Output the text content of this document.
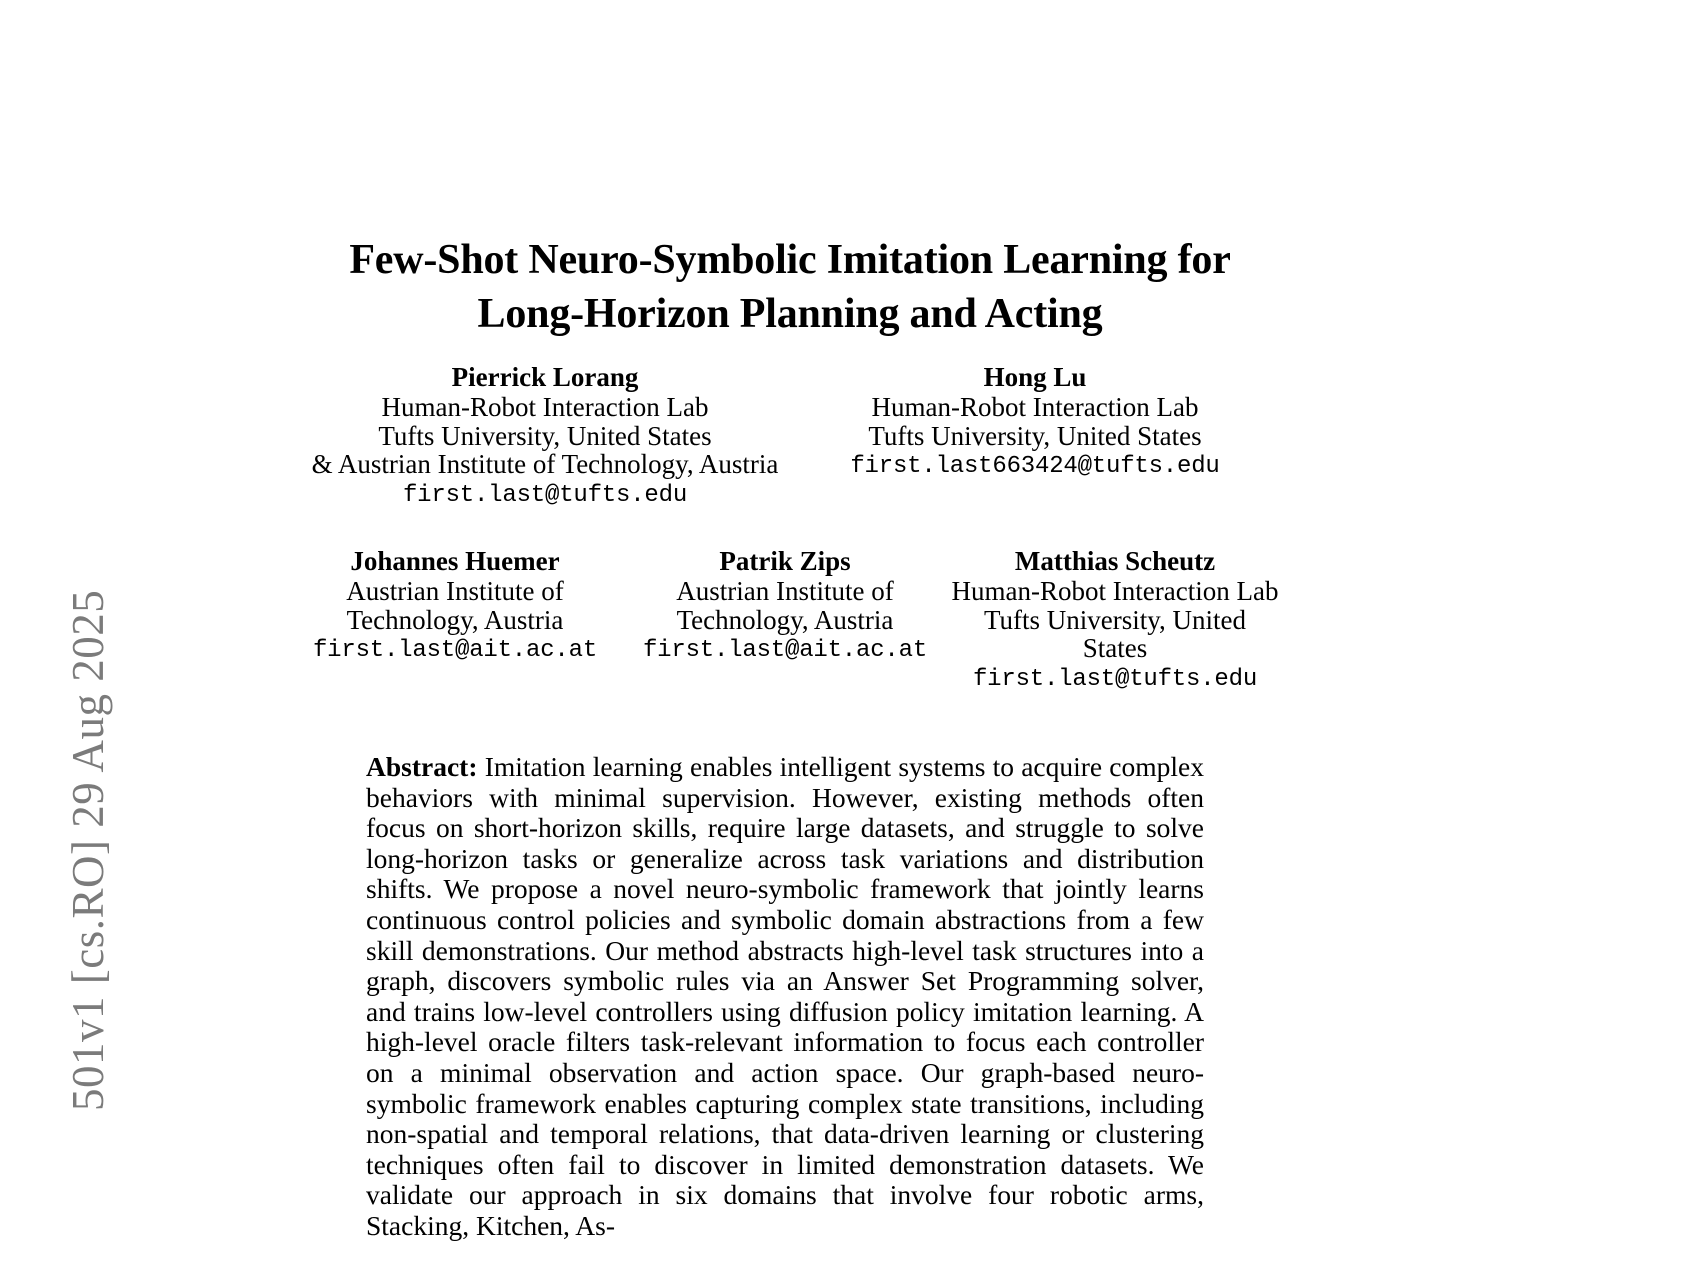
501v1 [cs.RO] 29 Aug 2025
Few-Shot Neuro-Symbolic Imitation Learning for
Long-Horizon Planning and Acting
Pierrick Lorang
Human-Robot Interaction Lab
Tufts University, United States
& Austrian Institute of Technology, Austria
first.last@tufts.edu
Hong Lu
Human-Robot Interaction Lab
Tufts University, United States
first.last663424@tufts.edu
Johannes Huemer
Austrian Institute of
Technology, Austria
first.last@ait.ac.at
Patrik Zips
Austrian Institute of
Technology, Austria
first.last@ait.ac.at
Matthias Scheutz
Human-Robot Interaction Lab
Tufts University, United States
first.last@tufts.edu
Abstract: Imitation learning enables intelligent systems to acquire complex behaviors with minimal supervision. However, existing methods often focus on short-horizon skills, require large datasets, and struggle to solve long-horizon tasks or generalize across task variations and distribution shifts. We propose a novel neuro-symbolic framework that jointly learns continuous control policies and symbolic domain abstractions from a few skill demonstrations. Our method abstracts high-level task structures into a graph, discovers symbolic rules via an Answer Set Programming solver, and trains low-level controllers using diffusion policy imitation learning. A high-level oracle filters task-relevant information to focus each controller on a minimal observation and action space. Our graph-based neuro-symbolic framework enables capturing complex state transitions, including non-spatial and temporal relations, that data-driven learning or clustering techniques often fail to discover in limited demonstration datasets. We validate our approach in six domains that involve four robotic arms, Stacking, Kitchen, As-
